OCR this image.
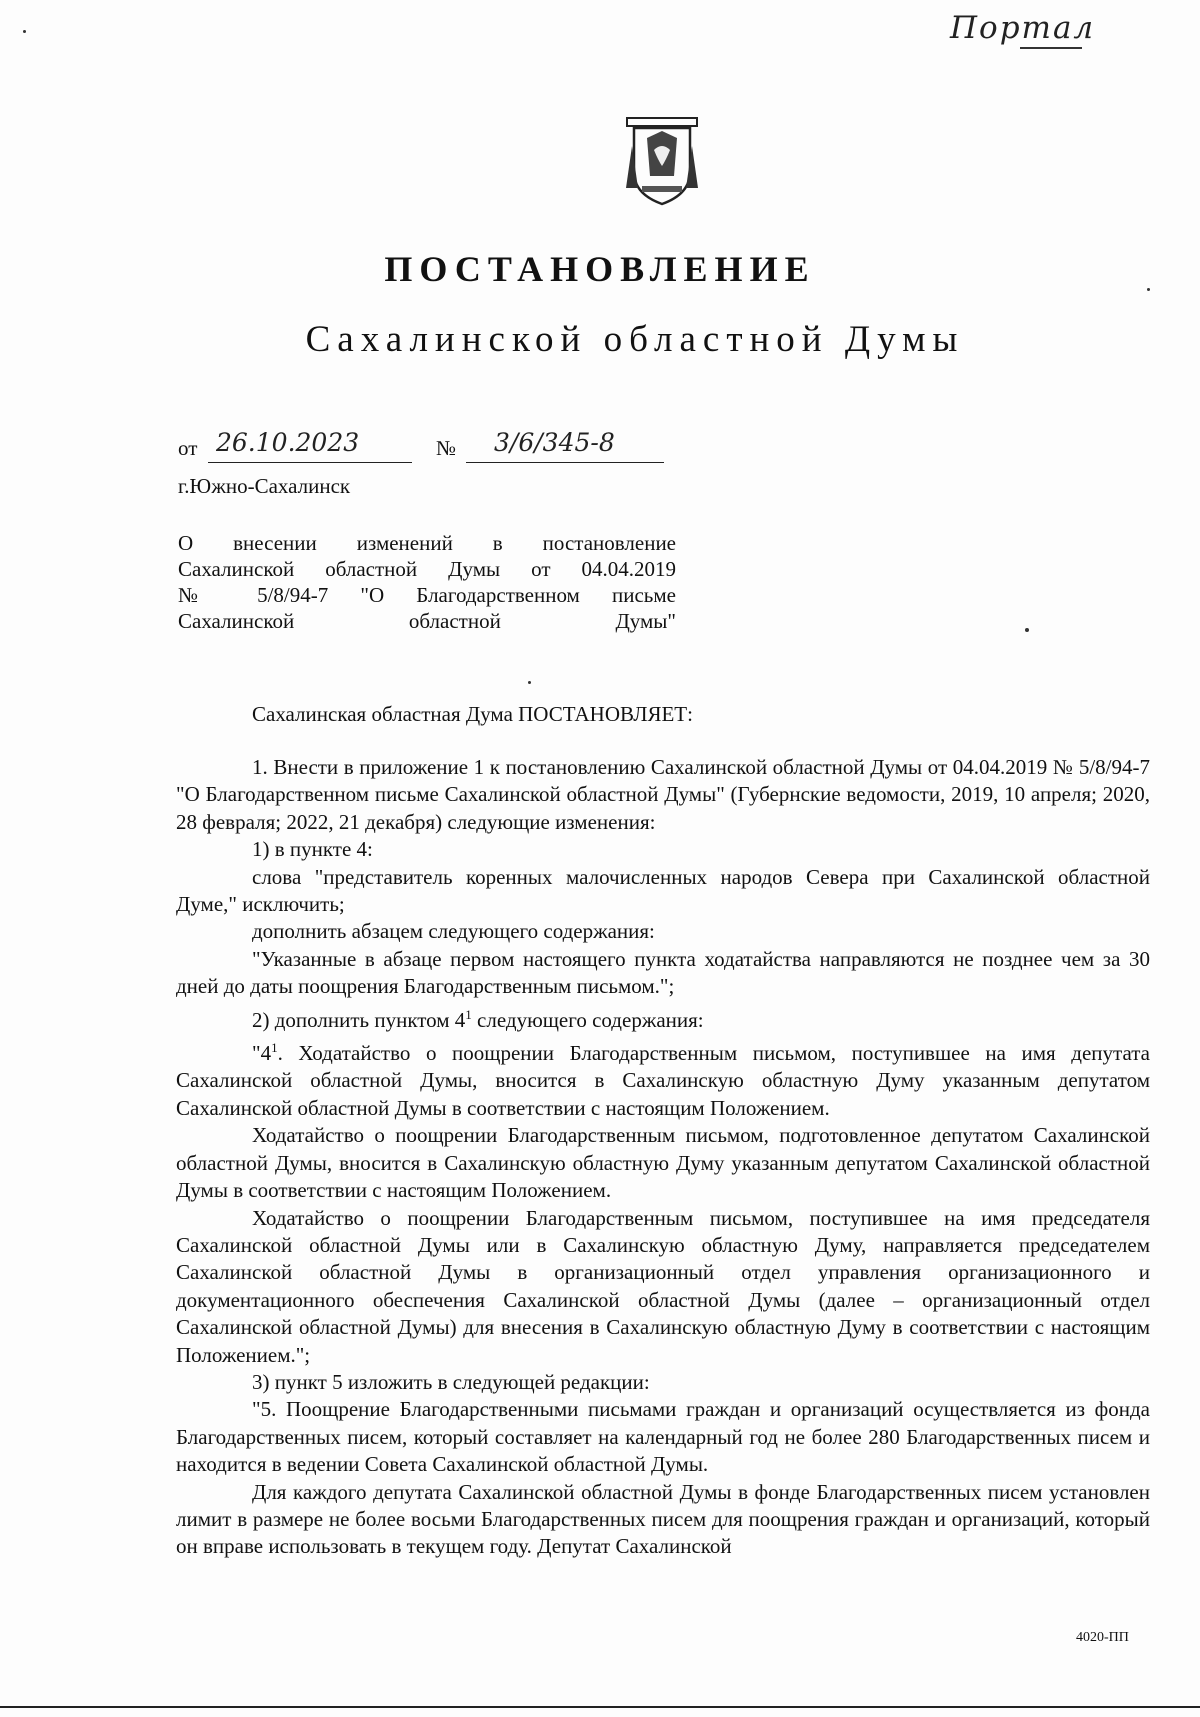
Портал
ПОСТАНОВЛЕНИЕ
Сахалинской областной Думы
от 26.10.2023	№ 3/6/345-8
г.Южно-Сахалинск
О внесении изменений в постановление
Сахалинской областной Думы от 04.04.2019
№ 5/8/94-7 "О Благодарственном письме
Сахалинской областной Думы"
Сахалинская областная Дума ПОСТАНОВЛЯЕТ:

1. Внести в приложение 1 к постановлению Сахалинской областной Думы от 04.04.2019 № 5/8/94-7 "О Благодарственном письме Сахалинской областной Думы" (Губернские ведомости, 2019, 10 апреля; 2020, 28 февраля; 2022, 21 декабря) следующие изменения:

1) в пункте 4:

слова "представитель коренных малочисленных народов Севера при Сахалинской областной Думе," исключить;

дополнить абзацем следующего содержания:

"Указанные в абзаце первом настоящего пункта ходатайства направляются не позднее чем за 30 дней до даты поощрения Благодарственным письмом.";

2) дополнить пунктом $4^1$ следующего содержания:

"$4^1$. Ходатайство о поощрении Благодарственным письмом, поступившее на имя депутата Сахалинской областной Думы, вносится в Сахалинскую областную Думу указанным депутатом Сахалинской областной Думы в соответствии с настоящим Положением.

Ходатайство о поощрении Благодарственным письмом, подготовленное депутатом Сахалинской областной Думы, вносится в Сахалинскую областную Думу указанным депутатом Сахалинской областной Думы в соответствии с настоящим Положением.

Ходатайство о поощрении Благодарственным письмом, поступившее на имя председателя Сахалинской областной Думы или в Сахалинскую областную Думу, направляется председателем Сахалинской областной Думы в организационный отдел управления организационного и документационного обеспечения Сахалинской областной Думы (далее – организационный отдел Сахалинской областной Думы) для внесения в Сахалинскую областную Думу в соответствии с настоящим Положением.";

3) пункт 5 изложить в следующей редакции:

"5. Поощрение Благодарственными письмами граждан и организаций осуществляется из фонда Благодарственных писем, который составляет на календарный год не более 280 Благодарственных писем и находится в ведении Совета Сахалинской областной Думы.

Для каждого депутата Сахалинской областной Думы в фонде Благодарственных писем установлен лимит в размере не более восьми Благодарственных писем для поощрения граждан и организаций, который он вправе использовать в текущем году. Депутат Сахалинской

4020-ПП
